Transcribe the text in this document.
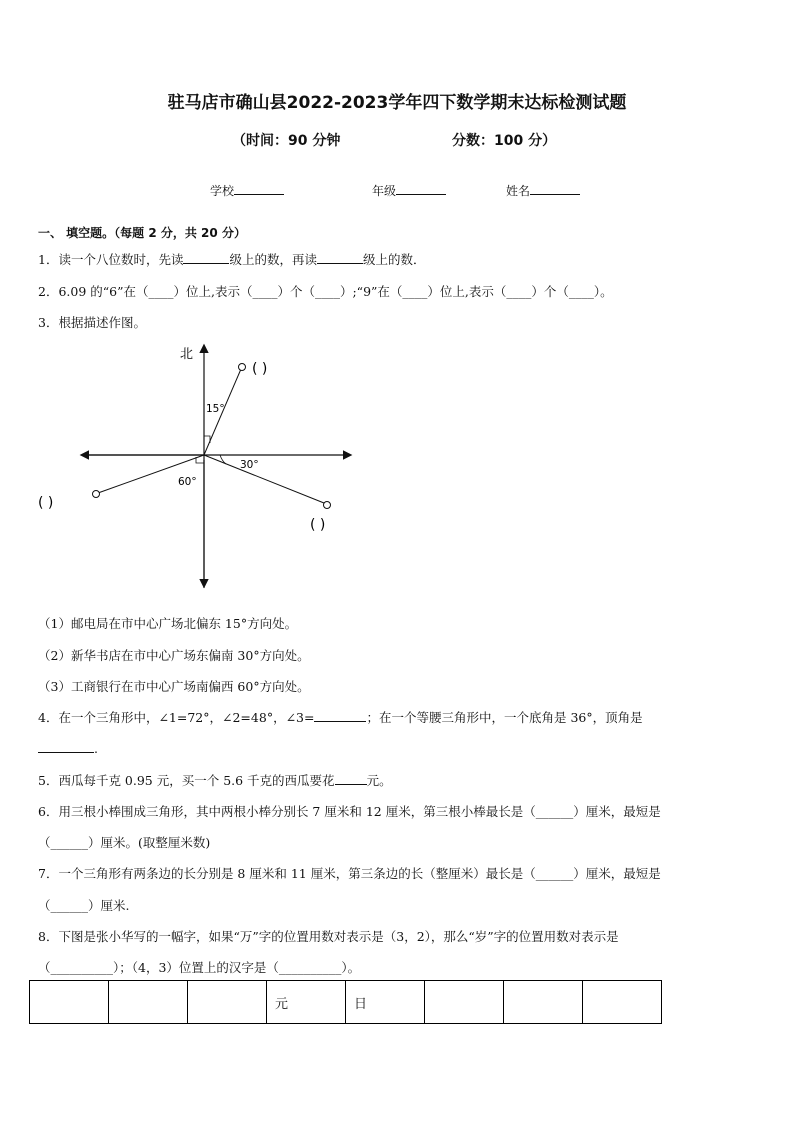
驻马店市确山县2022-2023学年四下数学期末达标检测试题
（时间：90 分钟	分数：100 分）
学校	年级	姓名
一、 填空题。（每题 2 分，共 20 分）
1．读一个八位数时，先读	级上的数，再读	级上的数．
2．6.09 的“6”在（____）位上,表示（____）个（____）;“9”在（____）位上,表示（____）个（____）。
3．根据描述作图。
北
15°
30°
60°
( )
( )
( )
（1）邮电局在市中心广场北偏东 15°方向处。
（2）新华书店在市中心广场东偏南 30°方向处。
（3）工商银行在市中心广场南偏西 60°方向处。
4．在一个三角形中，∠1=72°，∠2=48°，∠3=	；在一个等腰三角形中，一个底角是 36°，顶角是
.
5．西瓜每千克 0.95 元，买一个 5.6 千克的西瓜要花	元。
6．用三根小棒围成三角形，其中两根小棒分别长 7 厘米和 12 厘米，第三根小棒最长是（______）厘米，最短是
（______）厘米。(取整厘米数)
7．一个三角形有两条边的长分别是 8 厘米和 11 厘米，第三条边的长（整厘米）最长是（______）厘米，最短是
（______）厘米.
8．下图是张小华写的一幅字，如果“万”字的位置用数对表示是（3，2），那么“岁”字的位置用数对表示是
（__________）；（4，3）位置上的汉字是（__________）。
			元	日			
